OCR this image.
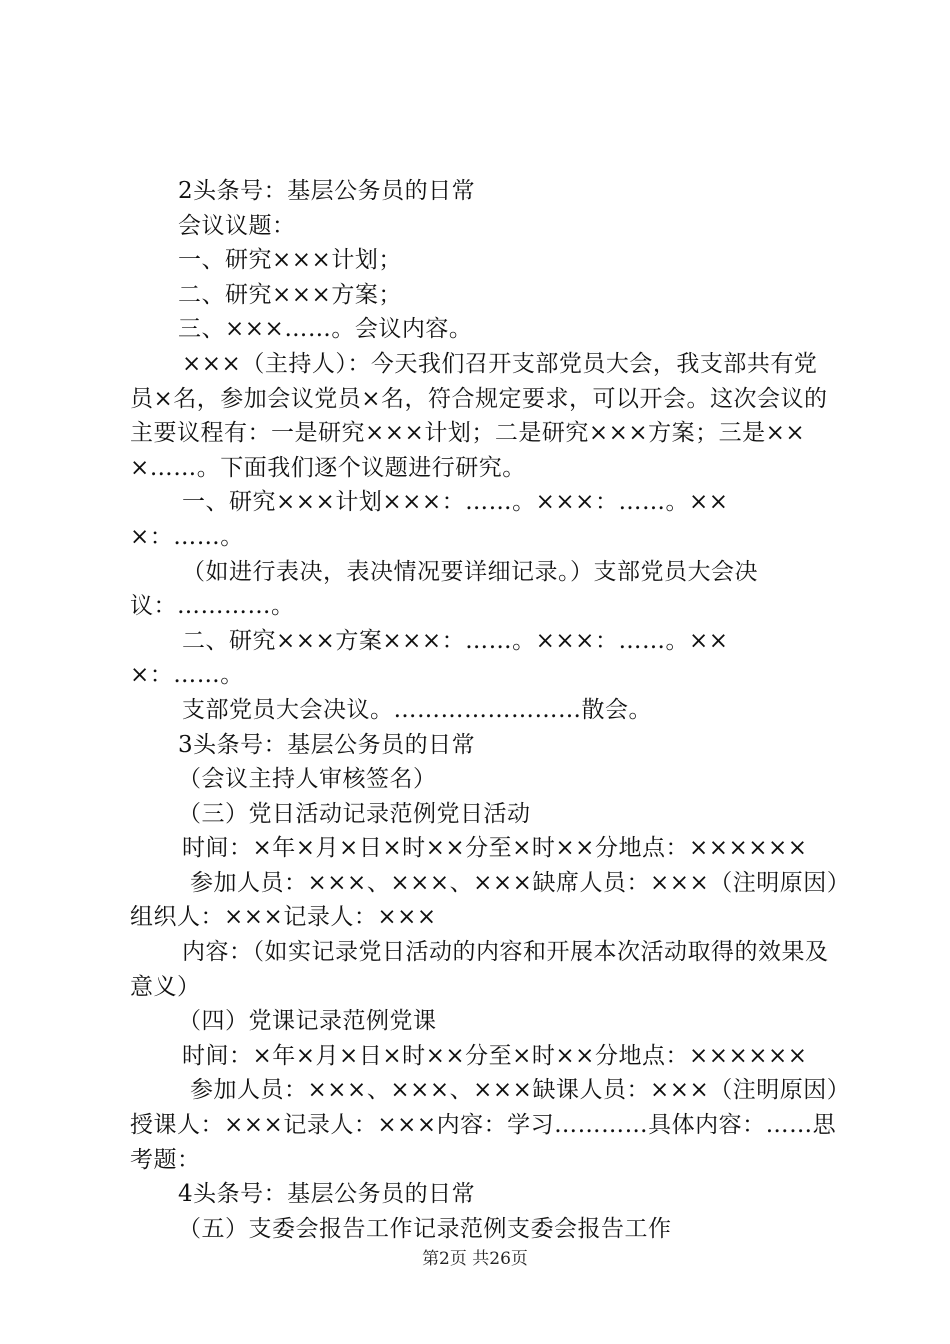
2头条号：基层公务员的日常

会议议题：

一、研究×××计划；

二、研究×××方案；

三、×××……。会议内容。

×××（主持人）：今天我们召开支部党员大会，我支部共有党员×名，参加会议党员×名，符合规定要求，可以开会。这次会议的主要议程有：一是研究×××计划；二是研究×××方案；三是×××……。下面我们逐个议题进行研究。

一、研究×××计划×××：……。×××：……。×××：……。

（如进行表决，表决情况要详细记录。）支部党员大会决议：…………。

二、研究×××方案×××：……。×××：……。×××：……。

支部党员大会决议。……………………散会。

3头条号：基层公务员的日常

（会议主持人审核签名）

（三）党日活动记录范例党日活动

时间：×年×月×日×时××分至×时××分地点：××××××

参加人员：×××、×××、×××缺席人员：×××（注明原因）组织人：×××记录人：×××

内容：（如实记录党日活动的内容和开展本次活动取得的效果及意义）

（四）党课记录范例党课

时间：×年×月×日×时××分至×时××分地点：××××××

参加人员：×××、×××、×××缺课人员：×××（注明原因）授课人：×××记录人：×××内容：学习…………具体内容：……思考题：

4头条号：基层公务员的日常

（五）支委会报告工作记录范例支委会报告工作

第2页 共26页
